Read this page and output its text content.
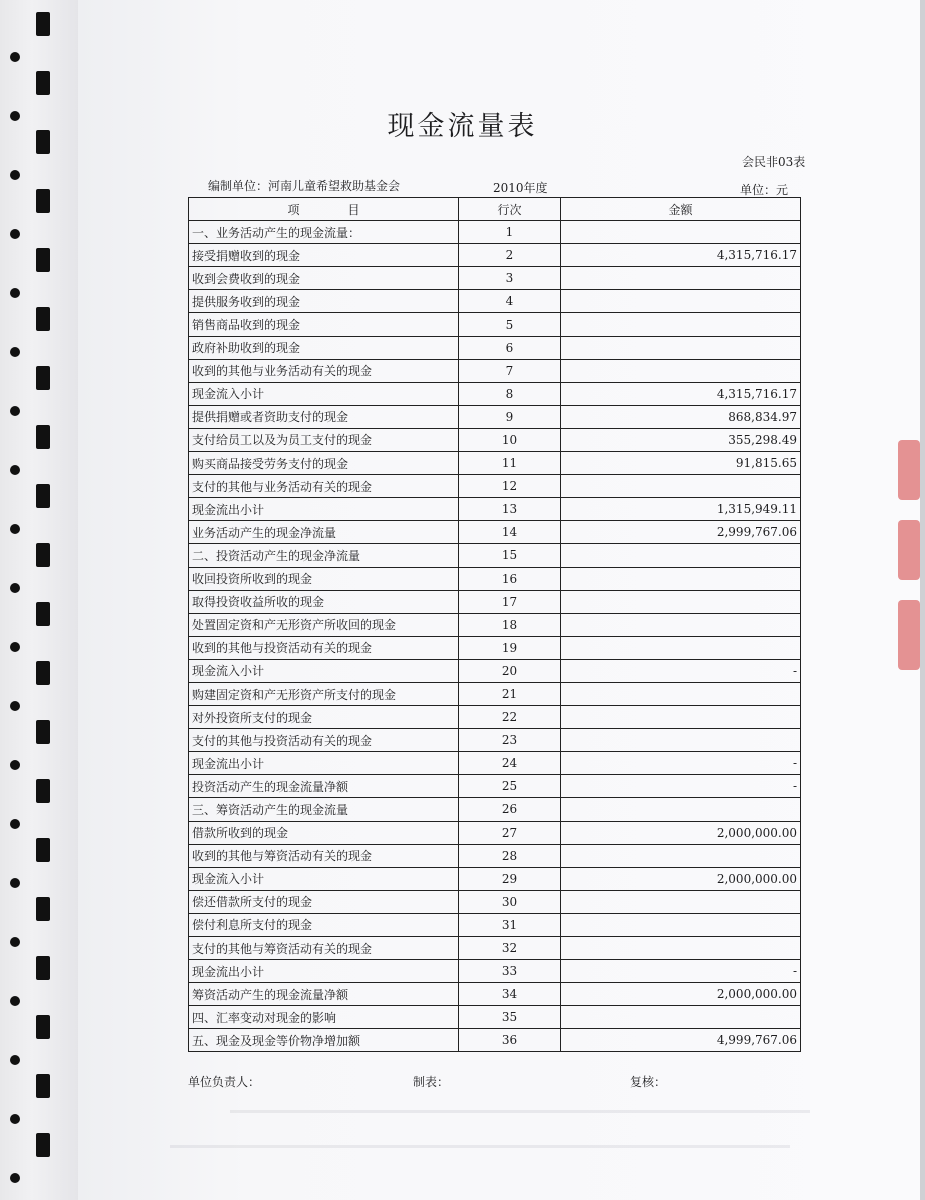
现金流量表
会民非03表
编制单位：河南儿童希望救助基金会	2010年度	单位：元
项　　　　目	行次	金额
一、业务活动产生的现金流量：	1	
接受捐赠收到的现金	2	4,315,716.17
收到会费收到的现金	3	
提供服务收到的现金	4	
销售商品收到的现金	5	
政府补助收到的现金	6	
收到的其他与业务活动有关的现金	7	
现金流入小计	8	4,315,716.17
提供捐赠或者资助支付的现金	9	868,834.97
支付给员工以及为员工支付的现金	10	355,298.49
购买商品接受劳务支付的现金	11	91,815.65
支付的其他与业务活动有关的现金	12	
现金流出小计	13	1,315,949.11
业务活动产生的现金净流量	14	2,999,767.06
二、投资活动产生的现金净流量	15	
收回投资所收到的现金	16	
取得投资收益所收的现金	17	
处置固定资和产无形资产所收回的现金	18	
收到的其他与投资活动有关的现金	19	
现金流入小计	20	-
购建固定资和产无形资产所支付的现金	21	
对外投资所支付的现金	22	
支付的其他与投资活动有关的现金	23	
现金流出小计	24	-
投资活动产生的现金流量净额	25	-
三、筹资活动产生的现金流量	26	
借款所收到的现金	27	2,000,000.00
收到的其他与筹资活动有关的现金	28	
现金流入小计	29	2,000,000.00
偿还借款所支付的现金	30	
偿付利息所支付的现金	31	
支付的其他与筹资活动有关的现金	32	
现金流出小计	33	-
筹资活动产生的现金流量净额	34	2,000,000.00
四、汇率变动对现金的影响	35	
五、现金及现金等价物净增加额	36	4,999,767.06
单位负责人：	制表：	复核：
